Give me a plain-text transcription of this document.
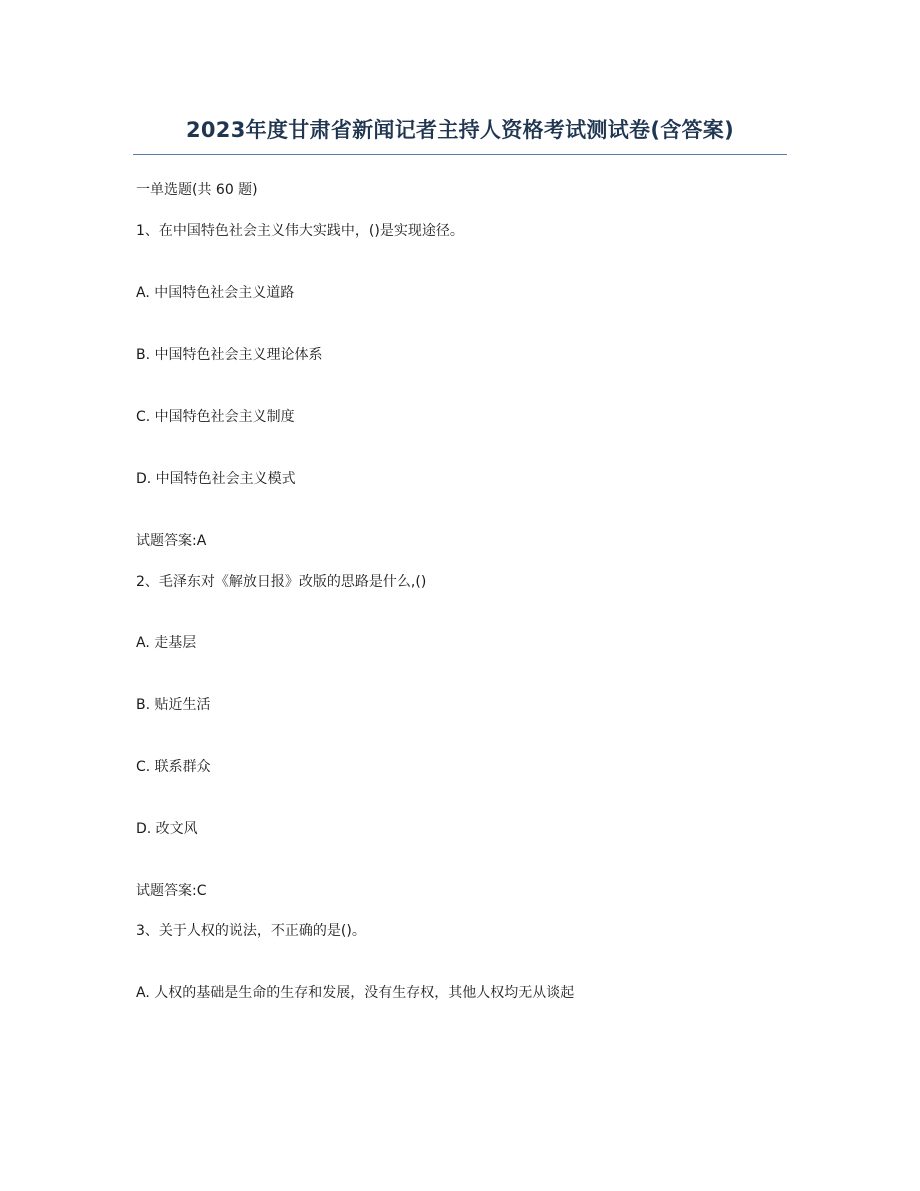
2023年度甘肃省新闻记者主持人资格考试测试卷(含答案)
一单选题(共 60 题)
1、在中国特色社会主义伟大实践中，()是实现途径。
A. 中国特色社会主义道路
B. 中国特色社会主义理论体系
C. 中国特色社会主义制度
D. 中国特色社会主义模式
试题答案:A
2、毛泽东对《解放日报》改版的思路是什么,()
A. 走基层
B. 贴近生活
C. 联系群众
D. 改文风
试题答案:C
3、关于人权的说法，不正确的是()。
A. 人权的基础是生命的生存和发展，没有生存权，其他人权均无从谈起
